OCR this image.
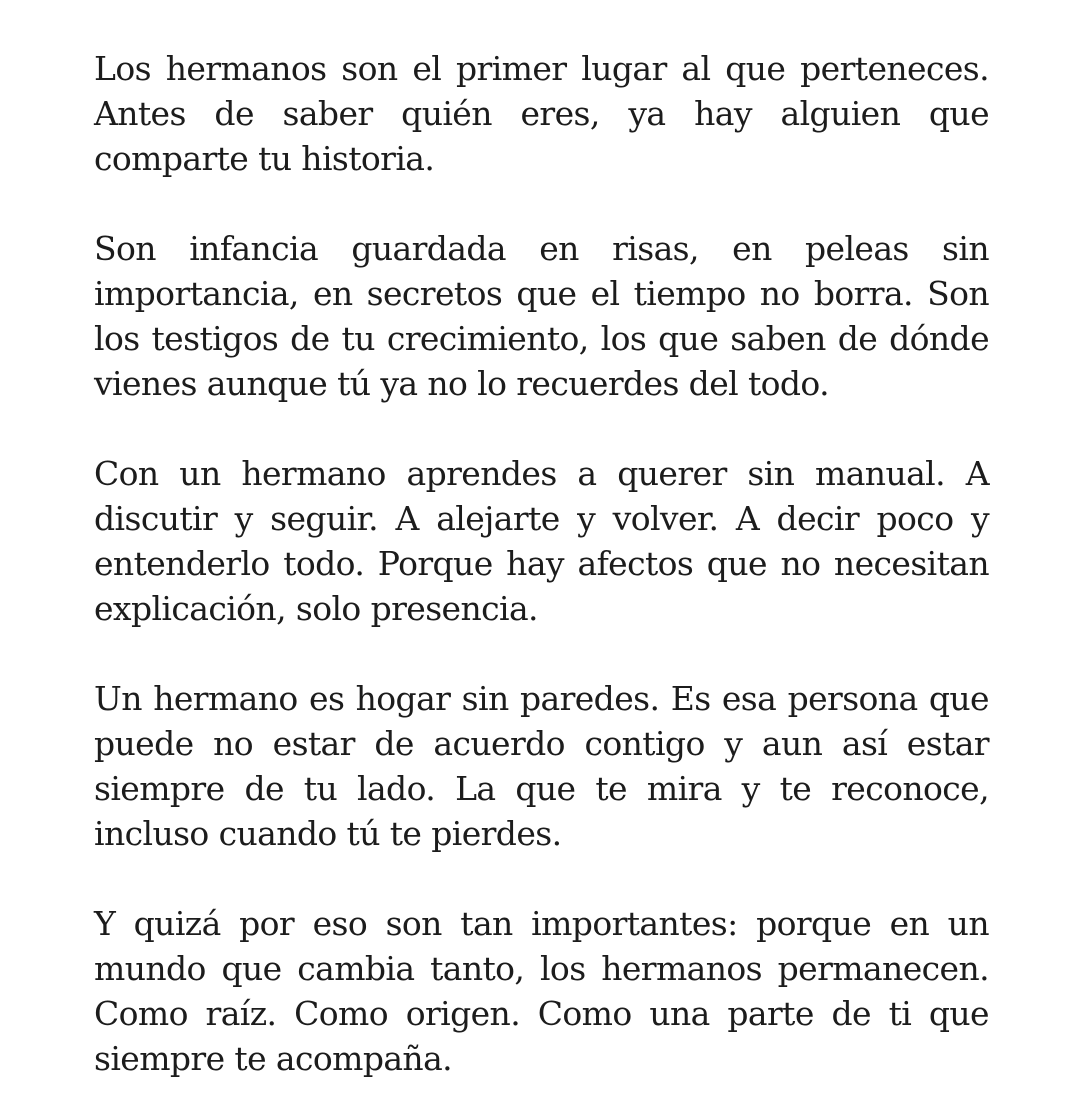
Los hermanos son el primer lugar al que perteneces. Antes de saber quién eres, ya hay alguien que comparte tu historia.

Son infancia guardada en risas, en peleas sin importancia, en secretos que el tiempo no borra. Son los testigos de tu crecimiento, los que saben de dónde vienes aunque tú ya no lo recuerdes del todo.

Con un hermano aprendes a querer sin manual. A discutir y seguir. A alejarte y volver. A decir poco y entenderlo todo. Porque hay afectos que no necesitan explicación, solo presencia.

Un hermano es hogar sin paredes. Es esa persona que puede no estar de acuerdo contigo y aun así estar siempre de tu lado. La que te mira y te reconoce, incluso cuando tú te pierdes.

Y quizá por eso son tan importantes: porque en un mundo que cambia tanto, los hermanos permanecen. Como raíz. Como origen. Como una parte de ti que siempre te acompaña.
